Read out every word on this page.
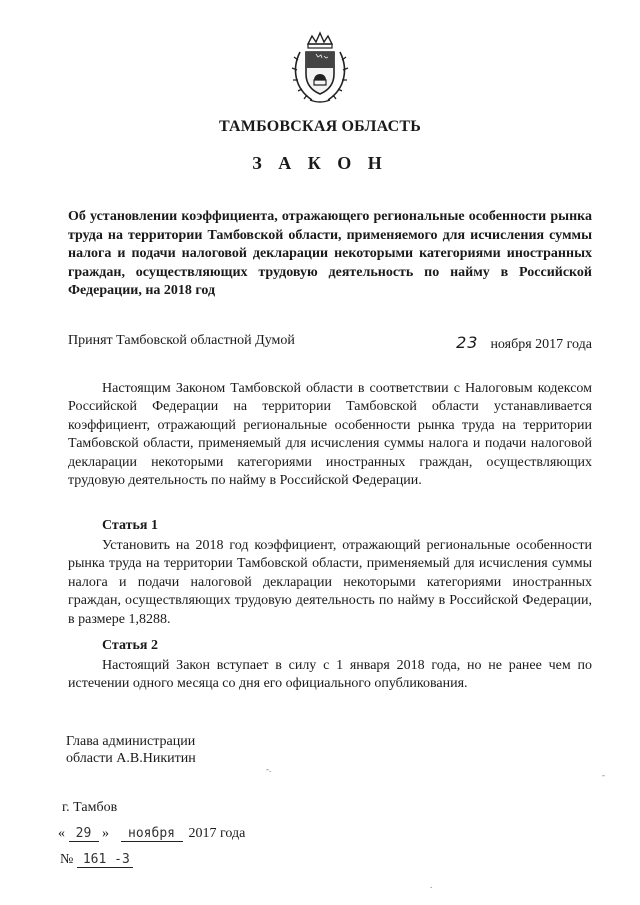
ТАМБОВСКАЯ ОБЛАСТЬ
З А К О Н
Об установлении коэффициента, отражающего региональные особенности рынка труда на территории Тамбовской области, применяемого для исчисления суммы налога и подачи налоговой декларации некоторыми категориями иностранных граждан, осуществляющих трудовую деятельность по найму в Российской Федерации, на 2018 год
Принят Тамбовской областной Думой	23 ноября 2017 года

Настоящим Законом Тамбовской области в соответствии с Налоговым кодексом Российской Федерации на территории Тамбовской области устанавливается коэффициент, отражающий региональные особенности рынка труда на территории Тамбовской области, применяемый для исчисления суммы налога и подачи налоговой декларации некоторыми категориями иностранных граждан, осуществляющих трудовую деятельность по найму в Российской Федерации.

Статья 1

Установить на 2018 год коэффициент, отражающий региональные особенности рынка труда на территории Тамбовской области, применяемый для исчисления суммы налога и подачи налоговой декларации некоторыми категориями иностранных граждан, осуществляющих трудовую деятельность по найму в Российской Федерации, в размере 1,8288.

Статья 2

Настоящий Закон вступает в силу с 1 января 2018 года, но не ранее чем по истечении одного месяца со дня его официального опубликования.

Глава администрации
области А.В.Никитин
-.
-
.
г. Тамбов
« 29 » ноября 2017 года
№ 161 -3
